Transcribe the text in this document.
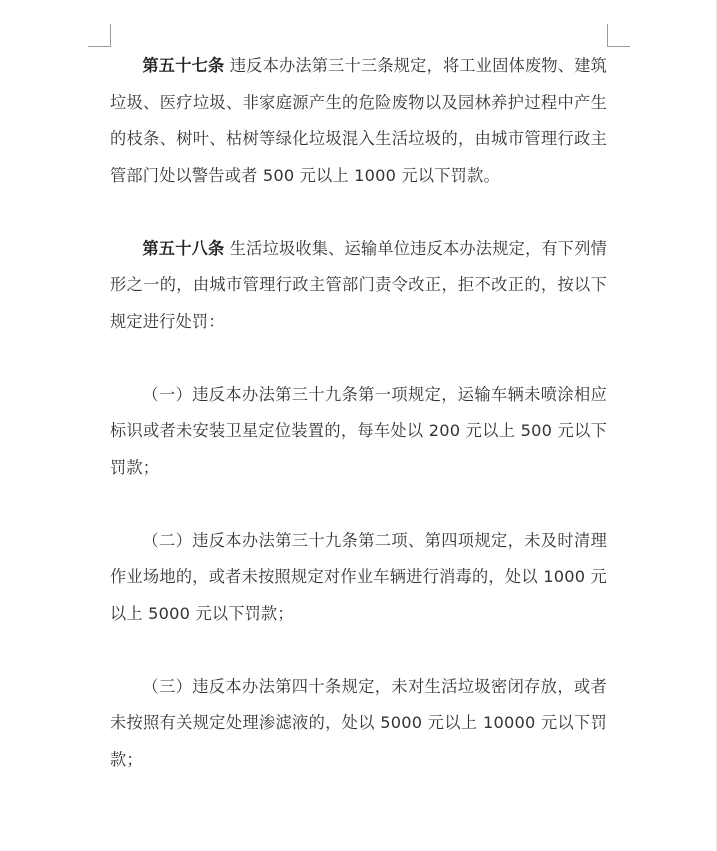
第五十七条 违反本办法第三十三条规定，将工业固体废物、建筑垃圾、医疗垃圾、非家庭源产生的危险废物以及园林养护过程中产生的枝条、树叶、枯树等绿化垃圾混入生活垃圾的，由城市管理行政主管部门处以警告或者 500 元以上 1000 元以下罚款。

第五十八条 生活垃圾收集、运输单位违反本办法规定，有下列情形之一的，由城市管理行政主管部门责令改正，拒不改正的，按以下规定进行处罚：

（一）违反本办法第三十九条第一项规定，运输车辆未喷涂相应标识或者未安装卫星定位装置的，每车处以 200 元以上 500 元以下罚款；

（二）违反本办法第三十九条第二项、第四项规定，未及时清理作业场地的，或者未按照规定对作业车辆进行消毒的，处以 1000 元以上 5000 元以下罚款；

（三）违反本办法第四十条规定，未对生活垃圾密闭存放，或者未按照有关规定处理渗滤液的，处以 5000 元以上 10000 元以下罚款；
